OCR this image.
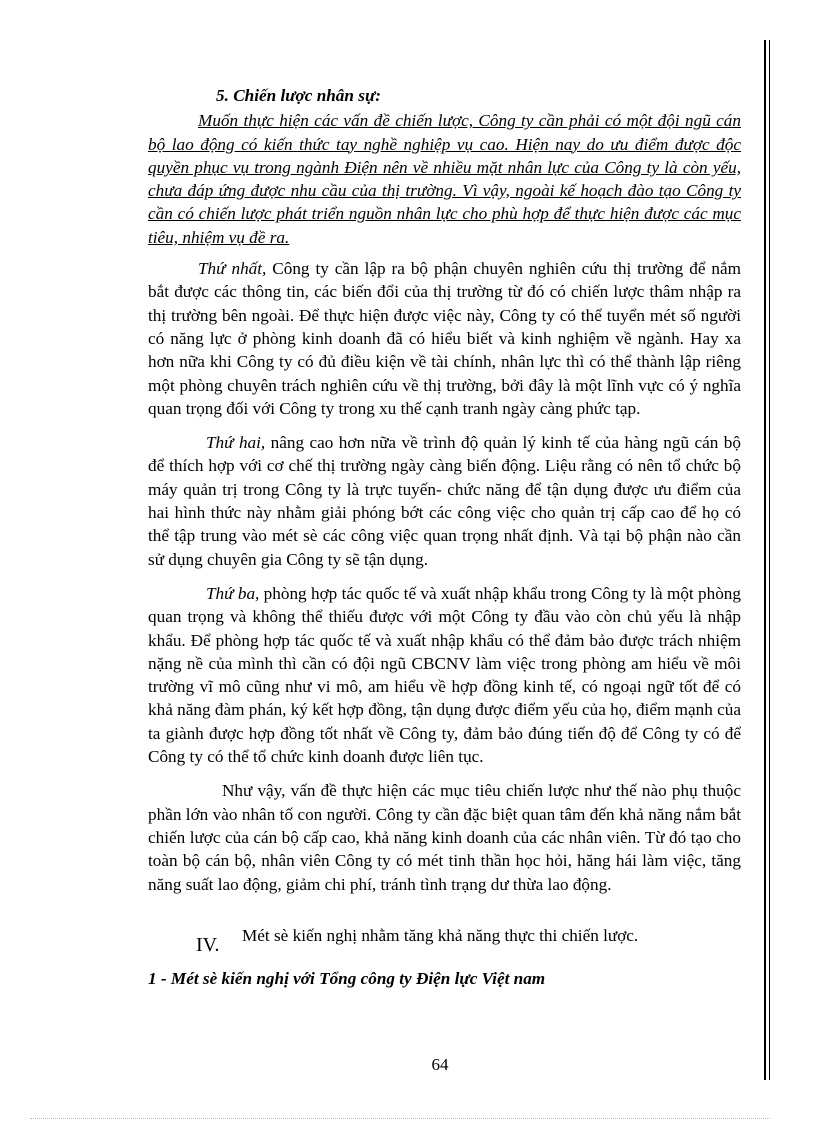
5. Chiến lược nhân sự:

Muốn thực hiện các vấn đề chiến lược, Công ty cần phải có một đội ngũ cán bộ lao động có kiến thức tay nghề nghiệp vụ cao. Hiện nay do ưu điểm được độc quyền phục vụ trong ngành Điện nên về nhiều mặt nhân lực của Công ty là còn yếu, chưa đáp ứng được nhu cầu của thị trường. Vì vậy, ngoài kế hoạch đào tạo Công ty cần có chiến lược phát triển nguồn nhân lực cho phù hợp để thực hiện được các mục tiêu, nhiệm vụ đề ra.

Thứ nhất, Công ty cần lập ra bộ phận chuyên nghiên cứu thị trường để nắm bắt được các thông tin, các biến đổi của thị trường từ đó có chiến lược thâm nhập ra thị trường bên ngoài. Để thực hiện được việc này, Công ty có thể tuyển mét số người có năng lực ở phòng kinh doanh đã có hiểu biết và kinh nghiệm về ngành. Hay xa hơn nữa khi Công ty có đủ điều kiện về tài chính, nhân lực thì có thể thành lập riêng một phòng chuyên trách nghiên cứu về thị trường, bởi đây là một lĩnh vực có ý nghĩa quan trọng đối với Công ty trong xu thế cạnh tranh ngày càng phức tạp.

Thứ hai, nâng cao hơn nữa về trình độ quản lý kinh tế của hàng ngũ cán bộ để thích hợp với cơ chế thị trường ngày càng biến động. Liệu rằng có nên tổ chức bộ máy quản trị trong Công ty là trực tuyến- chức năng để tận dụng được ưu điểm của hai hình thức này nhằm giải phóng bớt các công việc cho quản trị cấp cao để họ có thể tập trung vào mét sè các công việc quan trọng nhất định. Và tại bộ phận nào cần sử dụng chuyên gia Công ty sẽ tận dụng.

Thứ ba, phòng hợp tác quốc tế và xuất nhập khẩu trong Công ty là một phòng quan trọng và không thể thiếu được với một Công ty đầu vào còn chủ yếu là nhập khẩu. Để phòng hợp tác quốc tế và xuất nhập khẩu có thể đảm bảo được trách nhiệm nặng nề của mình thì cần có đội ngũ CBCNV làm việc trong phòng am hiểu về môi trường vĩ mô cũng như vi mô, am hiểu về hợp đồng kinh tế, có ngoại ngữ tốt để có khả năng đàm phán, ký kết hợp đồng, tận dụng được điểm yếu của họ, điểm mạnh của ta giành được hợp đồng tốt nhất về Công ty, đảm bảo đúng tiến độ để Công ty có để Công ty có thể tổ chức kinh doanh được liên tục.

Như vậy, vấn đề thực hiện các mục tiêu chiến lược như thế nào phụ thuộc phần lớn vào nhân tố con người. Công ty cần đặc biệt quan tâm đến khả năng nắm bắt chiến lược của cán bộ cấp cao, khả năng kinh doanh của các nhân viên. Từ đó tạo cho toàn bộ cán bộ, nhân viên Công ty có mét tinh thần học hỏi, hăng hái làm việc, tăng năng suất lao động, giảm chi phí, tránh tình trạng dư thừa lao động.

IV.	Mét sè kiến nghị nhằm tăng khả năng thực thi chiến lược.

1 - Mét sè kiến nghị với Tổng công ty Điện lực Việt nam

64
